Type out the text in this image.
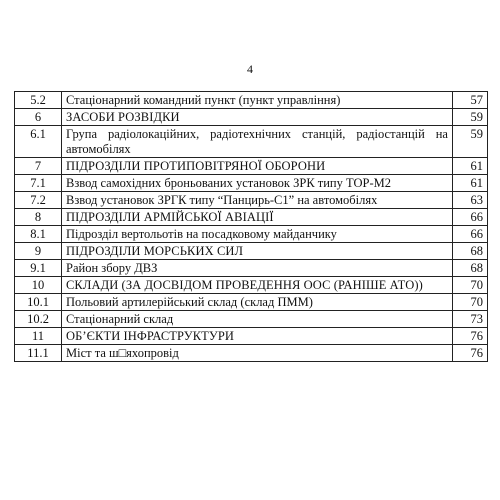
4
5.2	Стаціонарний командний пункт (пункт управління)	57
6	ЗАСОБИ РОЗВІДКИ	59
6.1	Група радіолокаційних, радіотехнічних станцій, радіостанцій на автомобілях	59
7	ПІДРОЗДІЛИ ПРОТИПОВІТРЯНОЇ ОБОРОНИ	61
7.1	Взвод самохідних броньованих установок ЗРК типу ТОР-М2	61
7.2	Взвод установок ЗРГК типу “Панцирь-С1” на автомобілях	63
8	ПІДРОЗДІЛИ АРМІЙСЬКОЇ АВІАЦІЇ	66
8.1	Підрозділ вертольотів на посадковому майданчику	66
9	ПІДРОЗДІЛИ МОРСЬКИХ СИЛ	68
9.1	Район збору ДВЗ	68
10	СКЛАДИ (ЗА ДОСВІДОМ ПРОВЕДЕННЯ ООС (РАНІШЕ АТО))	70
10.1	Польовий артилерійський склад (склад ПММ)	70
10.2	Стаціонарний склад	73
11	ОБ’ЄКТИ ІНФРАСТРУКТУРИ	76
11.1	Міст та ш□яхопровід	76
